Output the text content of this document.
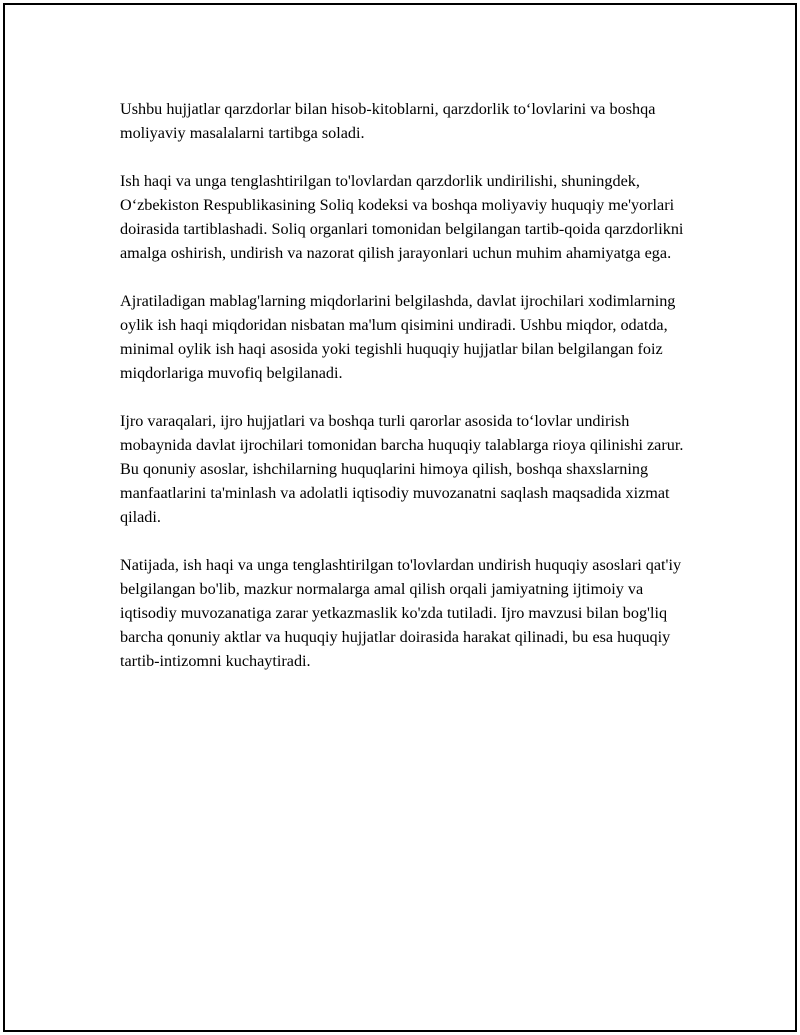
Ushbu hujjatlar qarzdorlar bilan hisob-kitoblarni, qarzdorlik to‘lovlarini va boshqa moliyaviy masalalarni tartibga soladi.

Ish haqi va unga tenglashtirilgan to'lovlardan qarzdorlik undirilishi, shuningdek, O‘zbekiston Respublikasining Soliq kodeksi va boshqa moliyaviy huquqiy me'yorlari doirasida tartiblashadi. Soliq organlari tomonidan belgilangan tartib-qoida qarzdorlikni amalga oshirish, undirish va nazorat qilish jarayonlari uchun muhim ahamiyatga ega.

Ajratiladigan mablag'larning miqdorlarini belgilashda, davlat ijrochilari xodimlarning oylik ish haqi miqdoridan nisbatan ma'lum qisimini undiradi. Ushbu miqdor, odatda, minimal oylik ish haqi asosida yoki tegishli huquqiy hujjatlar bilan belgilangan foiz miqdorlariga muvofiq belgilanadi.

Ijro varaqalari, ijro hujjatlari va boshqa turli qarorlar asosida to‘lovlar undirish mobaynida davlat ijrochilari tomonidan barcha huquqiy talablarga rioya qilinishi zarur. Bu qonuniy asoslar, ishchilarning huquqlarini himoya qilish, boshqa shaxslarning manfaatlarini ta'minlash va adolatli iqtisodiy muvozanatni saqlash maqsadida xizmat qiladi.

Natijada, ish haqi va unga tenglashtirilgan to'lovlardan undirish huquqiy asoslari qat'iy belgilangan bo'lib, mazkur normalarga amal qilish orqali jamiyatning ijtimoiy va iqtisodiy muvozanatiga zarar yetkazmaslik ko'zda tutiladi. Ijro mavzusi bilan bog'liq barcha qonuniy aktlar va huquqiy hujjatlar doirasida harakat qilinadi, bu esa huquqiy tartib-intizomni kuchaytiradi.
